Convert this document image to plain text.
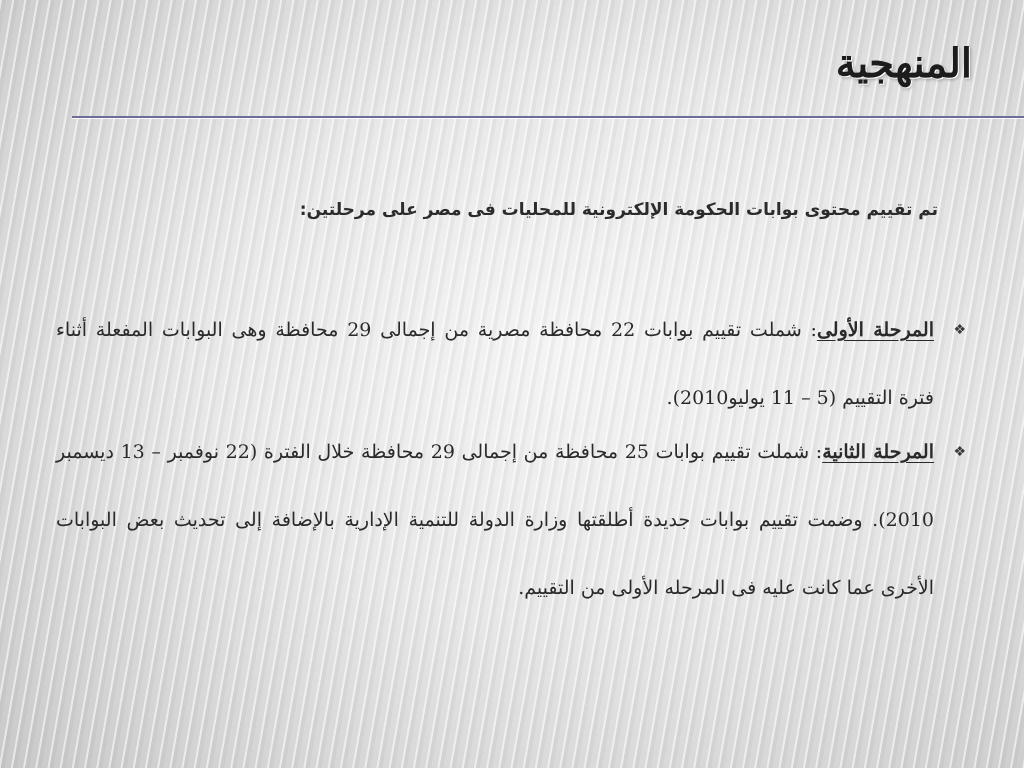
المنهجية

تم تقييم محتوى بوابات الحكومة الإلكترونية للمحليات فى مصر على مرحلتين:

❖
المرحلة الأولى: شملت تقييم بوابات 22 محافظة مصرية من إجمالى 29 محافظة وهى البوابات المفعلة أثناء فترة التقييم (5 – 11 يوليو2010).
❖
المرحلة الثانية: شملت تقييم بوابات 25 محافظة من إجمالى 29 محافظة خلال الفترة (22 نوفمبر – 13 ديسمبر 2010). وضمت تقييم بوابات جديدة أطلقتها وزارة الدولة للتنمية الإدارية بالإضافة إلى تحديث بعض البوابات الأخرى عما كانت عليه فى المرحله الأولى من التقييم.
